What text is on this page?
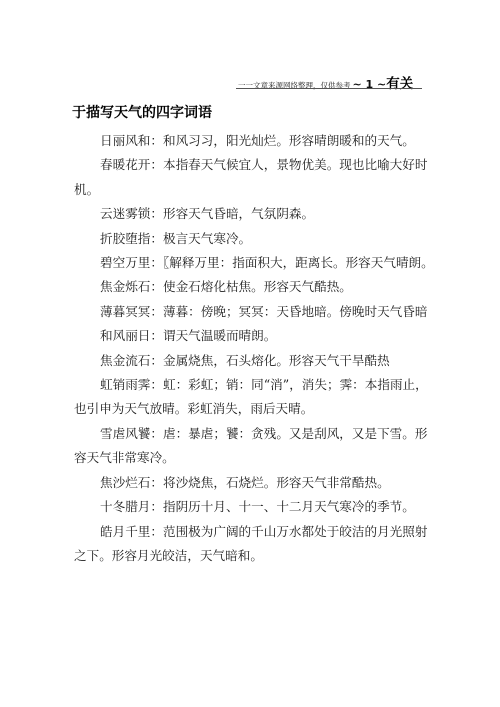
一一文章来源网络整理，仅供参考 ~ 1 ~有关
于描写天气的四字词语

日丽风和：和风习习，阳光灿烂。形容晴朗暖和的天气。

春暖花开：本指春天气候宜人，景物优美。现也比喻大好时机。

云迷雾锁：形容天气昏暗，气氛阴森。

折胶堕指：极言天气寒冷。

碧空万里：〖解释万里：指面积大，距离长。形容天气晴朗。

焦金烁石：使金石熔化枯焦。形容天气酷热。

薄暮冥冥：薄暮：傍晚；冥冥：天昏地暗。傍晚时天气昏暗

和风丽日：谓天气温暖而晴朗。

焦金流石：金属烧焦，石头熔化。形容天气干旱酷热

虹销雨霁：虹：彩虹；销：同“消”，消失；霁：本指雨止，也引申为天气放晴。彩虹消失，雨后天晴。

雪虐风饕：虐：暴虐；饕：贪残。又是刮风，又是下雪。形容天气非常寒冷。

焦沙烂石：将沙烧焦，石烧烂。形容天气非常酷热。

十冬腊月：指阴历十月、十一、十二月天气寒冷的季节。

皓月千里：范围极为广阔的千山万水都处于皎洁的月光照射之下。形容月光皎洁，天气暗和。
